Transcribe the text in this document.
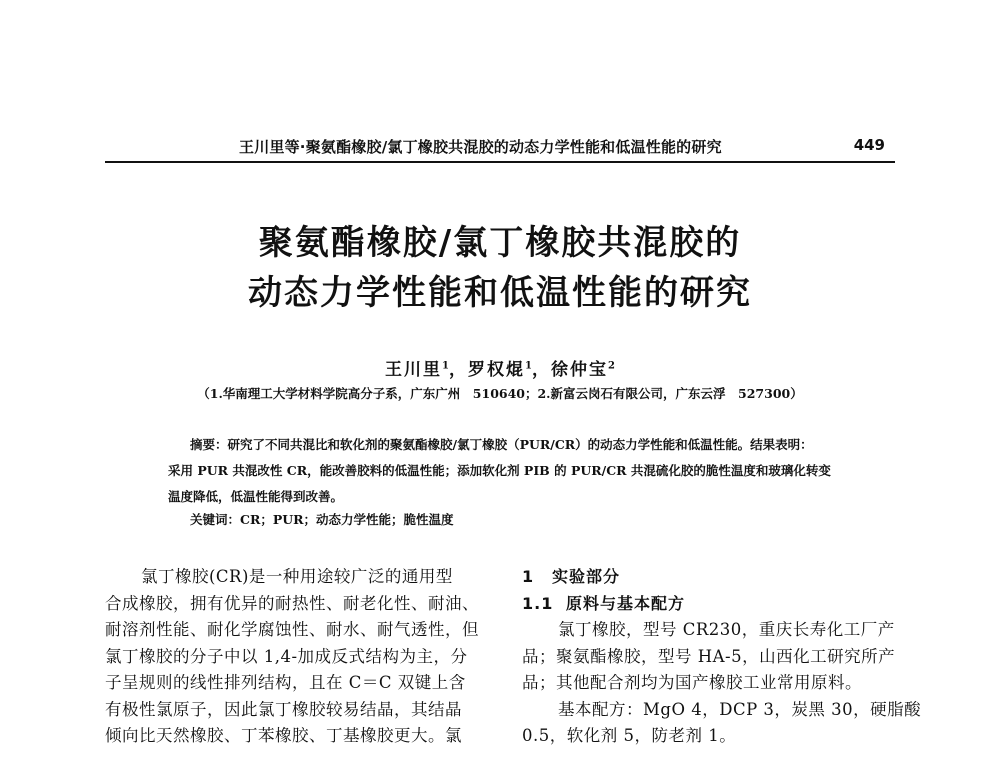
王川里等·聚氨酯橡胶/氯丁橡胶共混胶的动态力学性能和低温性能的研究	449
聚氨酯橡胶/氯丁橡胶共混胶的
动态力学性能和低温性能的研究
王川里$^1$，罗权焜$^1$，徐仲宝$^2$
（1.华南理工大学材料学院高分子系，广东广州　510640；2.新富云岗石有限公司，广东云浮　527300）
摘要：研究了不同共混比和软化剂的聚氨酯橡胶/氯丁橡胶（PUR/CR）的动态力学性能和低温性能。结果表明：
采用 PUR 共混改性 CR，能改善胶料的低温性能；添加软化剂 PIB 的 PUR/CR 共混硫化胶的脆性温度和玻璃化转变
温度降低，低温性能得到改善。
关键词：CR；PUR；动态力学性能；脆性温度
氯丁橡胶(CR)是一种用途较广泛的通用型
合成橡胶，拥有优异的耐热性、耐老化性、耐油、
耐溶剂性能、耐化学腐蚀性、耐水、耐气透性，但
氯丁橡胶的分子中以 1,4-加成反式结构为主，分
子呈规则的线性排列结构，且在 C＝C 双键上含
有极性氯原子，因此氯丁橡胶较易结晶，其结晶
倾向比天然橡胶、丁苯橡胶、丁基橡胶更大。氯
1 实验部分
1.1 原料与基本配方
氯丁橡胶，型号 CR230，重庆长寿化工厂产
品；聚氨酯橡胶，型号 HA-5，山西化工研究所产
品；其他配合剂均为国产橡胶工业常用原料。
基本配方：MgO 4，DCP 3，炭黑 30，硬脂酸
0.5，软化剂 5，防老剂 1。
